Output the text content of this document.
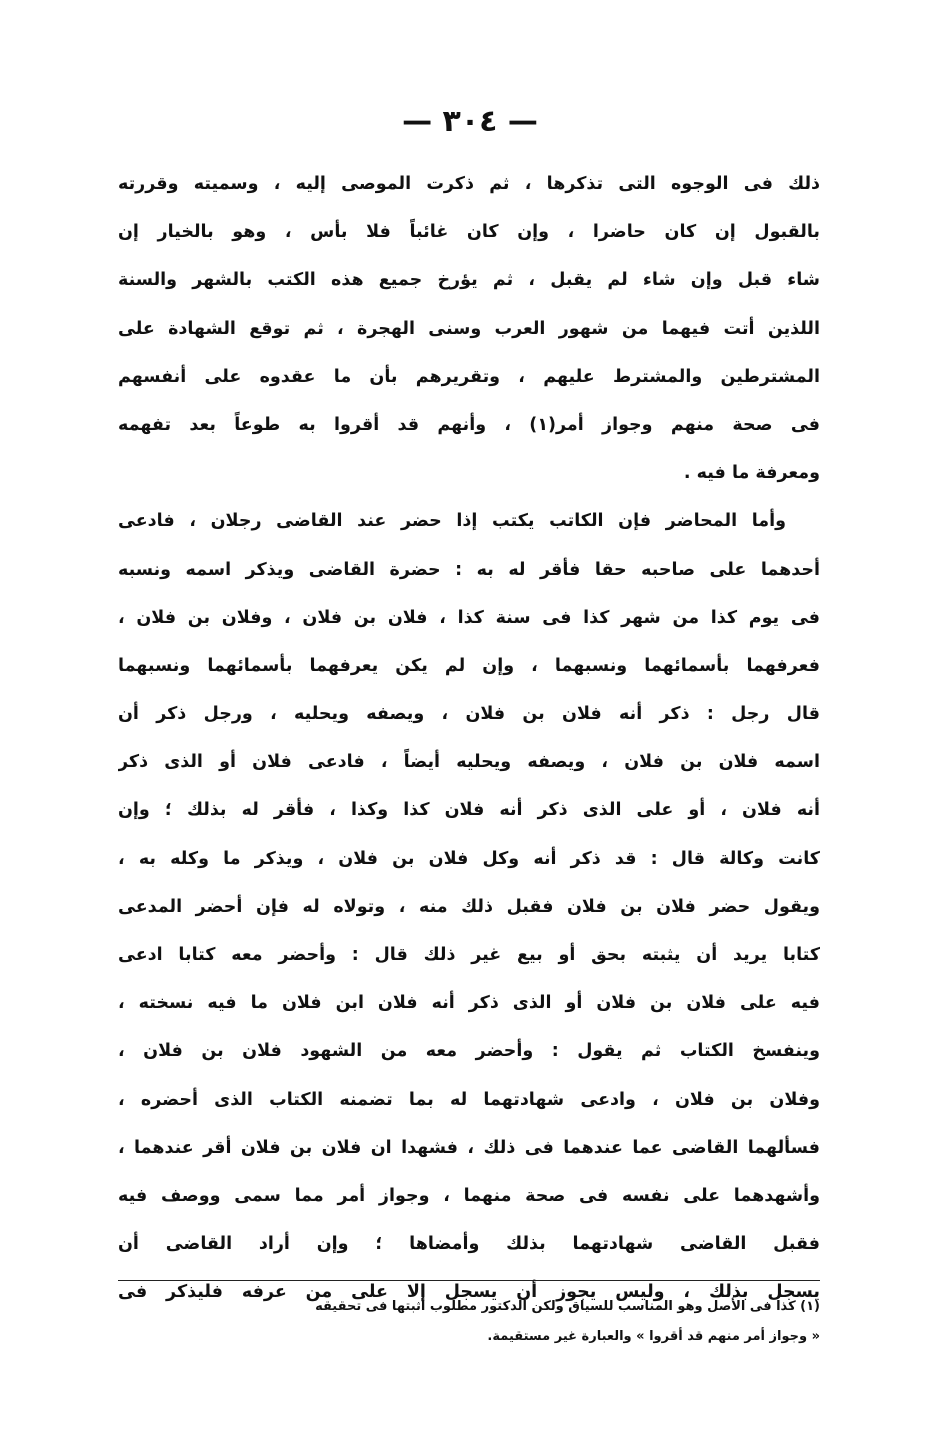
— ٣٠٤ —
ذلك فى الوجوه التى تذكرها ، ثم ذكرت الموصى إليه ، وسميته وقررته
بالقبول إن كان حاضرا ، وإن كان غائباً فلا بأس ، وهو بالخيار إن
شاء قبل وإن شاء لم يقبل ، ثم يؤرخ جميع هذه الكتب بالشهر والسنة
اللذين أتت فيهما من شهور العرب وسنى الهجرة ، ثم توقع الشهادة على
المشترطين والمشترط عليهم ، وتقريرهم بأن ما عقدوه على أنفسهم
فى صحة منهم وجواز أمر(١) ، وأنهم قد أقروا به طوعاً بعد تفهمه
ومعرفة ما فيه .
وأما المحاضر فإن الكاتب يكتب إذا حضر عند القاضى رجلان ، فادعى
أحدهما على صاحبه حقا فأقر له به : حضرة القاضى ويذكر اسمه ونسبه
فى يوم كذا من شهر كذا فى سنة كذا ، فلان بن فلان ، وفلان بن فلان ،
فعرفهما بأسمائهما ونسبهما ، وإن لم يكن يعرفهما بأسمائهما ونسبهما
قال رجل : ذكر أنه فلان بن فلان ، ويصفه ويحليه ، ورجل ذكر أن
اسمه فلان بن فلان ، ويصفه ويحليه أيضاً ، فادعى فلان أو الذى ذكر
أنه فلان ، أو على الذى ذكر أنه فلان كذا وكذا ، فأقر له بذلك ؛ وإن
كانت وكالة قال : قد ذكر أنه وكل فلان بن فلان ، ويذكر ما وكله به ،
ويقول حضر فلان بن فلان فقبل ذلك منه ، وتولاه له فإن أحضر المدعى
كتابا يريد أن يثبته بحق أو بيع غير ذلك قال : وأحضر معه كتابا ادعى
فيه على فلان بن فلان أو الذى ذكر أنه فلان ابن فلان ما فيه نسخته ،
وينفسخ الكتاب ثم يقول : وأحضر معه من الشهود فلان بن فلان ،
وفلان بن فلان ، وادعى شهادتهما له بما تضمنه الكتاب الذى أحضره ،
فسألهما القاضى عما عندهما فى ذلك ، فشهدا ان فلان بن فلان أقر عندهما ،
وأشهدهما على نفسه فى صحة منهما ، وجواز أمر مما سمى ووصف فيه
فقبل القاضى شهادتهما بذلك وأمضاها ؛ وإن أراد القاضى أن
يسجل بذلك ، وليس يجوز أن يسجل إلا على من عرفه فليذكر فى
(١) كذا فى الأصل وهو المناسب للسياق ولكن الدكتور مطلوب أثبتها فى تحقيقه
« وجواز أمر منهم قد أقروا » والعبارة غير مستقيمة.
